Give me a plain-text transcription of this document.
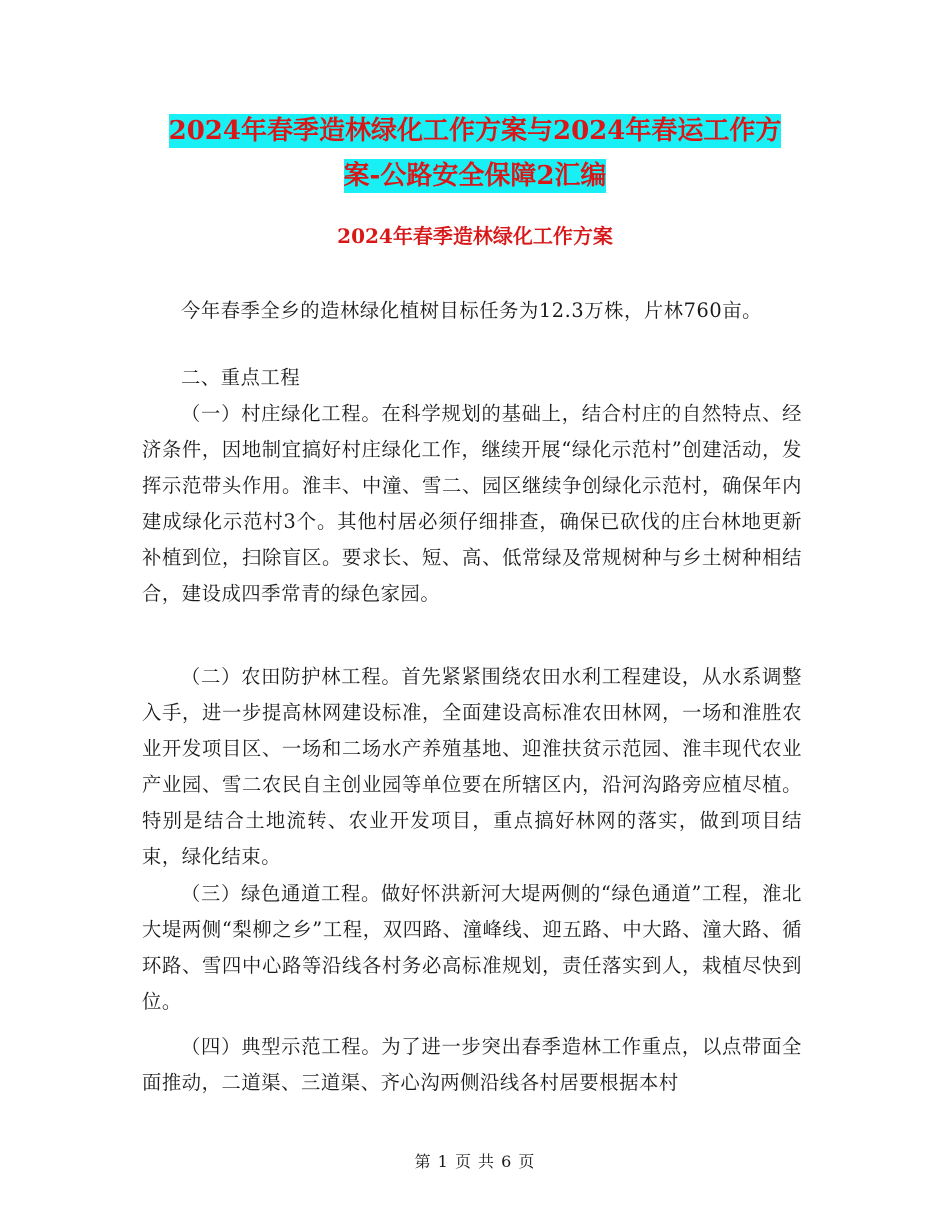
2024年春季造林绿化工作方案与2024年春运工作方
案-公路安全保障2汇编
2024年春季造林绿化工作方案

今年春季全乡的造林绿化植树目标任务为12.3万株，片林760亩。

二、重点工程

（一）村庄绿化工程。在科学规划的基础上，结合村庄的自然特点、经济条件，因地制宜搞好村庄绿化工作，继续开展“绿化示范村”创建活动，发挥示范带头作用。淮丰、中潼、雪二、园区继续争创绿化示范村，确保年内建成绿化示范村3个。其他村居必须仔细排查，确保已砍伐的庄台林地更新补植到位，扫除盲区。要求长、短、高、低常绿及常规树种与乡土树种相结合，建设成四季常青的绿色家园。

（二）农田防护林工程。首先紧紧围绕农田水利工程建设，从水系调整入手，进一步提高林网建设标准，全面建设高标准农田林网，一场和淮胜农业开发项目区、一场和二场水产养殖基地、迎淮扶贫示范园、淮丰现代农业产业园、雪二农民自主创业园等单位要在所辖区内，沿河沟路旁应植尽植。特别是结合土地流转、农业开发项目，重点搞好林网的落实，做到项目结束，绿化结束。

（三）绿色通道工程。做好怀洪新河大堤两侧的“绿色通道”工程，淮北大堤两侧“梨柳之乡”工程，双四路、潼峰线、迎五路、中大路、潼大路、循环路、雪四中心路等沿线各村务必高标准规划，责任落实到人，栽植尽快到位。

（四）典型示范工程。为了进一步突出春季造林工作重点，以点带面全面推动，二道渠、三道渠、齐心沟两侧沿线各村居要根据本村

第 1 页 共 6 页
